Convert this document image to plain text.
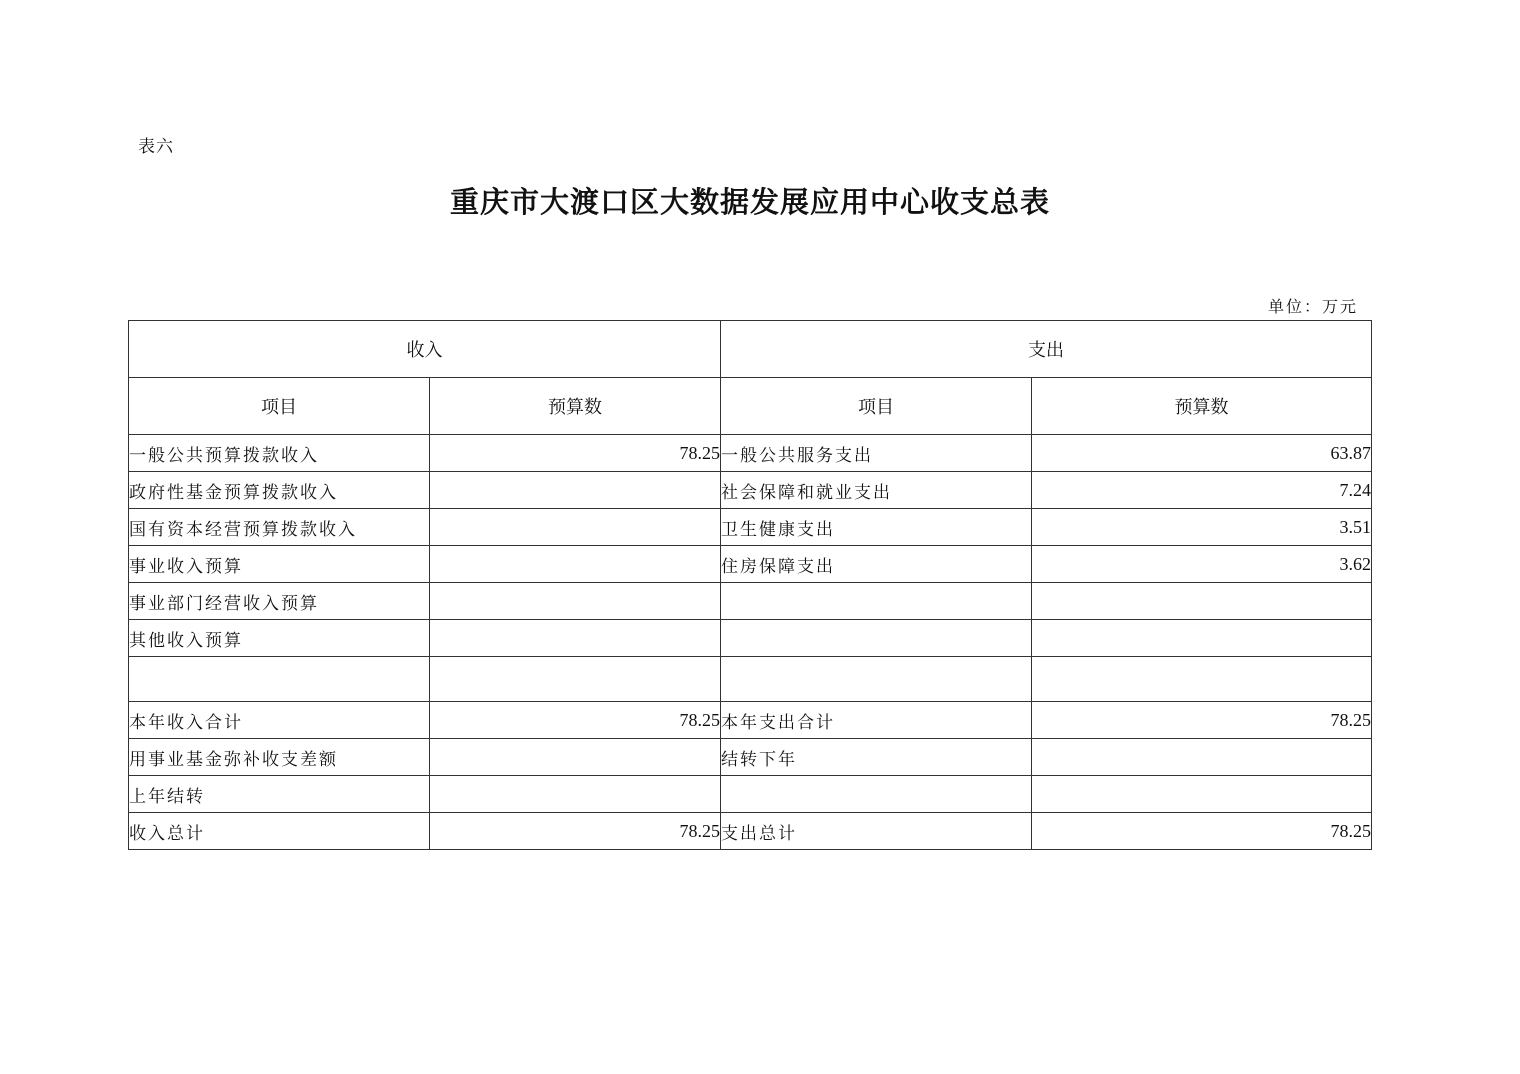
表六
重庆市大渡口区大数据发展应用中心收支总表
单位：万元
收入		支出	
项目	预算数	项目	预算数
一般公共预算拨款收入	78.25	一般公共服务支出	63.87
政府性基金预算拨款收入		社会保障和就业支出	7.24
国有资本经营预算拨款收入		卫生健康支出	3.51
事业收入预算		住房保障支出	3.62
事业部门经营收入预算			
其他收入预算			

本年收入合计	78.25	本年支出合计	78.25
用事业基金弥补收支差额		结转下年	
上年结转			
收入总计	78.25	支出总计	78.25
